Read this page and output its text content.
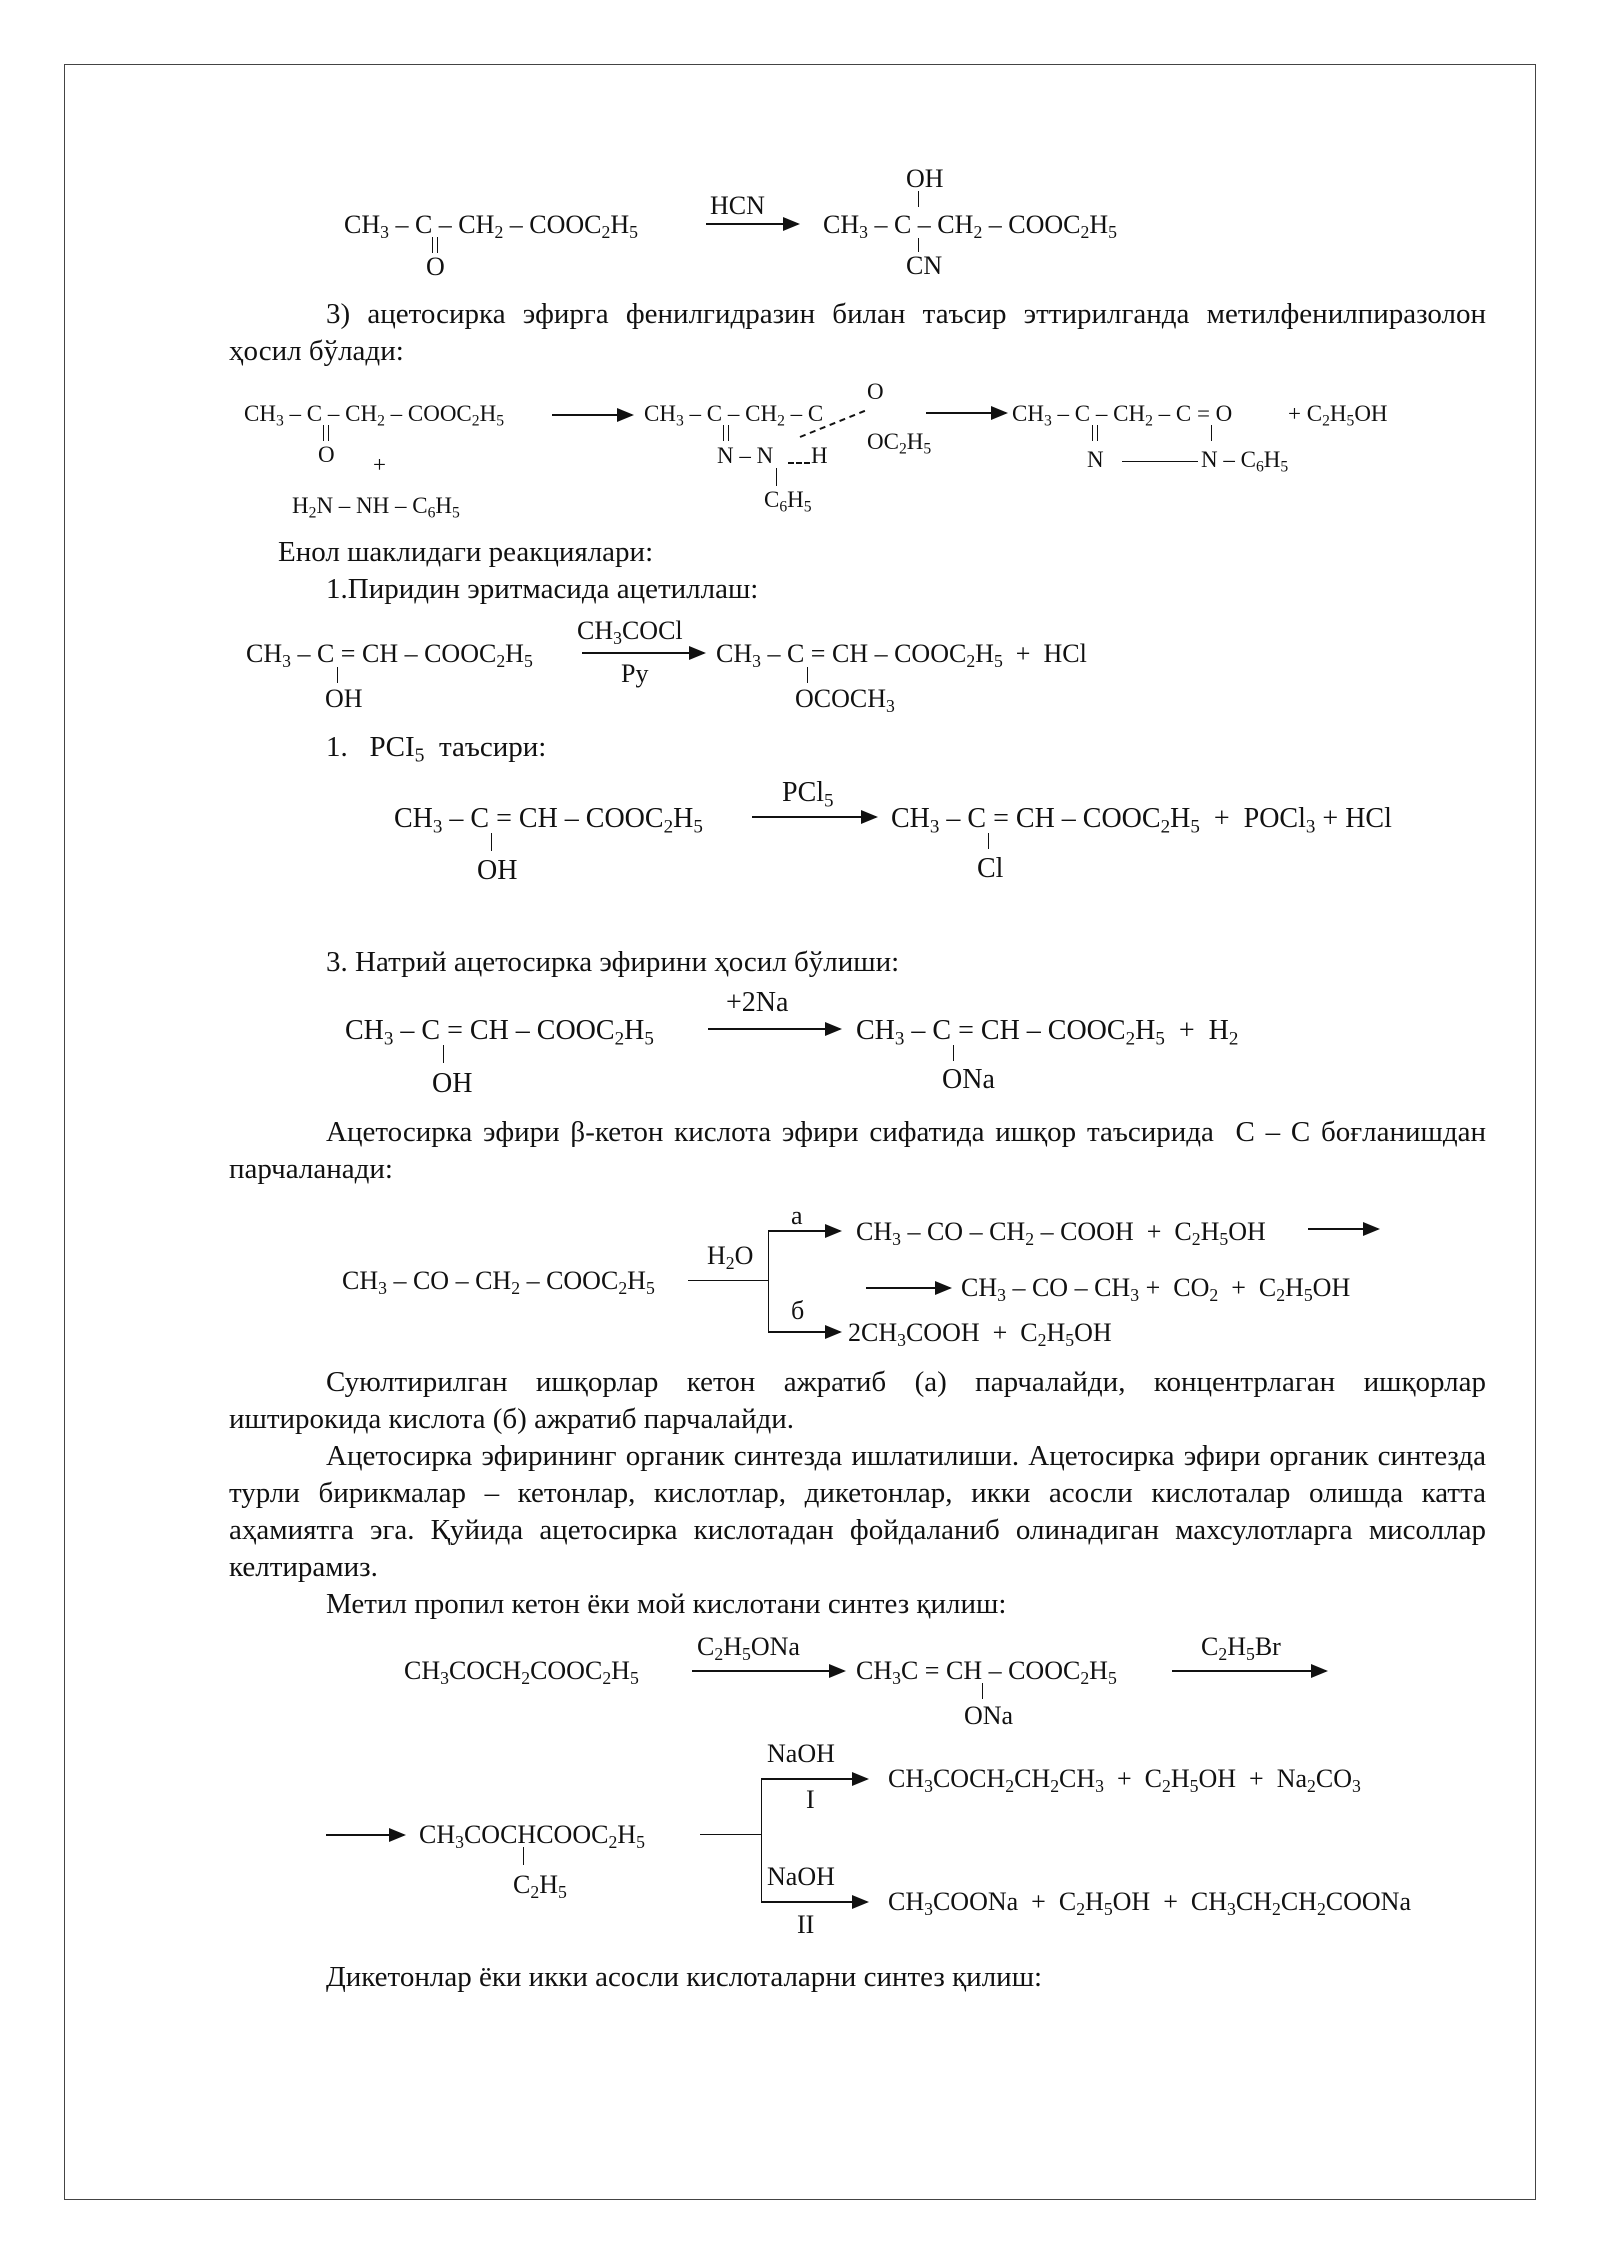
$CH_3$ – C – $CH_2$ – $COOC_2H_5$
O
HCN
$CH_3$ – C – $CH_2$ – $COOC_2H_5$
OH
CN

3) ацетосирка эфирга фенилгидразин билан таъсир эттирилганда метилфенилпиразолон ҳосил бўлади:

$CH_3$ – C – $CH_2$ – $COOC_2H_5$
O +
$H_2N$ – NH – $C_6H_5$
$CH_3$ – C – $CH_2$ – C
O
$OC_2H_5$
N – N H
$C_6H_5$
$CH_3 - C - CH_2 - C = O + C_2H_5OH$
N	N – $C_6H_5$

Енол шаклидаги реакциялари:

1.Пиридин эритмасида ацетиллаш:

$CH_3$ – C = CH – $COOC_2H_5$
OH
$CH_3COCl$
Py
$CH_3$ – C = CH – $COOC_2H_5$  +  HCl
$OCOCH_3$

1.   $PCI_5$  таъсири:

$CH_3$ – C = CH – $COOC_2H_5$
OH
PCl$_5$
$CH_3$ – C = CH – $COOC_2H_5$  +  POCl$_3$ + HCl
Cl

3. Натрий ацетосирка эфирини ҳосил бўлиши:

$CH_3$ – C = CH – $COOC_2H_5$
OH
+2Na
$CH_3$ – C = CH – $COOC_2H_5 + H_2$
ONa

Ацетосирка эфири β-кетон кислота эфири сифатида ишқор таъсирида  C – C боғланишдан парчаланади:

$CH_3$ – CO – $CH_2$ – $COOC_2H_5$
$H_2O$
а
б
$CH_3$ – CO – $CH_2$ – COOH  +  $C_2H_5OH$
$CH_3$ – CO – $CH_3 + CO_2 + C_2H_5OH$
$2CH_3COOH + C_2H_5OH$

Суюлтирилган ишқорлар кетон ажратиб (а) парчалайди, концентрлаган ишқорлар иштирокида кислота (б) ажратиб парчалайди.

Ацетосирка эфирининг органик синтезда ишлатилиши. Ацетосирка эфири органик синтезда турли бирикмалар – кетонлар, кислотлар, дикетонлар, икки асосли кислоталар олишда катта аҳамиятга эга. Қуйида ацетосирка кислотадан фойдаланиб олинадиган махсулотларга мисоллар келтирамиз.

Метил пропил кетон ёки мой кислотани синтез қилиш:

$CH_3COCH_2COOC_2H_5$
$C_2H_5ONa$
$CH_3C$ = CH – $COOC_2H_5$
ONa
$C_2H_5Br$
$CH_3COCHCOOC_2H_5$
$C_2H_5$
NaOH
I
NaOH
II
$CH_3COCH_2CH_2CH_3 + C_2H_5OH + Na_2CO_3$
$CH_3COONa + C_2H_5OH$  +  $CH_3CH_2CH_2COONa$

Дикетонлар ёки икки асосли кислоталарни синтез қилиш:
